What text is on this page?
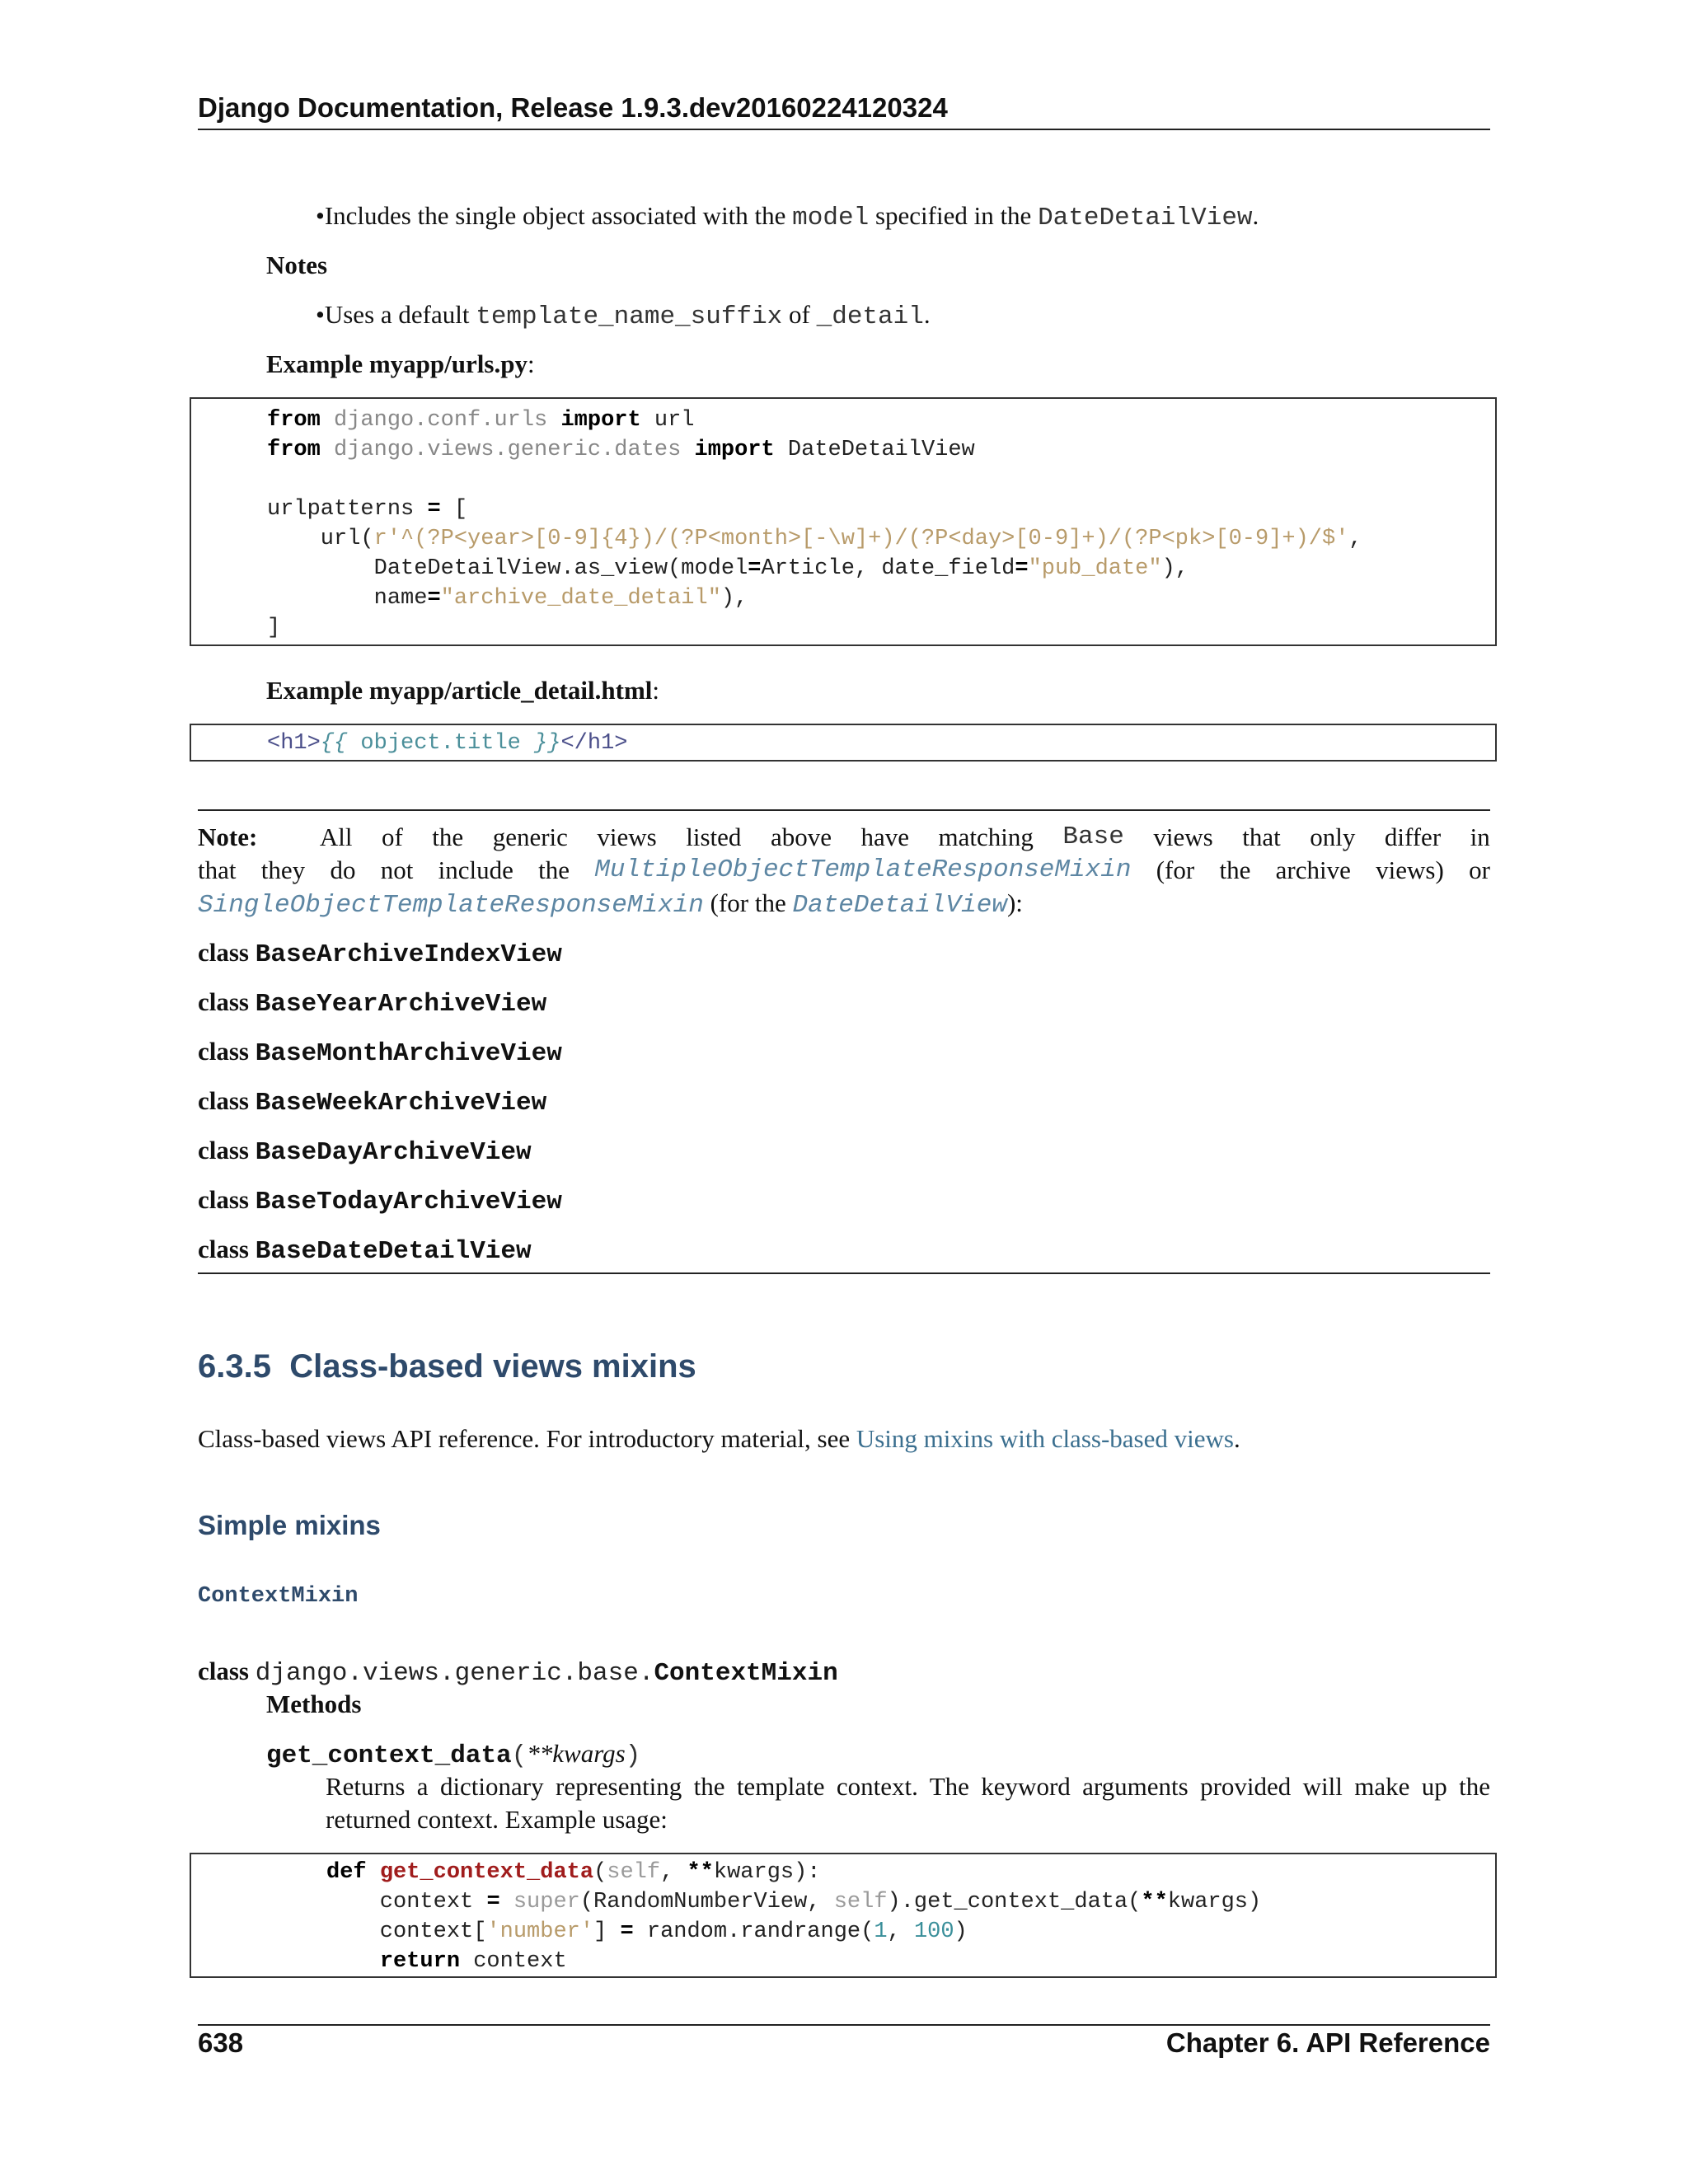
Django Documentation, Release 1.9.3.dev20160224120324
•Includes the single object associated with the model specified in the DateDetailView.
Notes
•Uses a default template_name_suffix of _detail.
Example myapp/urls.py:
from django.conf.urls import url
from django.views.generic.dates import DateDetailView
urlpatterns = [
url(r'^(?P<year>[0-9]{4})/(?P<month>[-\w]+)/(?P<day>[0-9]+)/(?P<pk>[0-9]+)/$',
DateDetailView.as_view(model=Article, date_field="pub_date"),
name="archive_date_detail"),
]
Example myapp/article_detail.html:
<h1>{{ object.title }}</h1>
Note: All of the generic views listed above have matching Base views that only differ in
that they do not include the MultipleObjectTemplateResponseMixin (for the archive views) or
SingleObjectTemplateResponseMixin (for the DateDetailView):
class BaseArchiveIndexView
class BaseYearArchiveView
class BaseMonthArchiveView
class BaseWeekArchiveView
class BaseDayArchiveView
class BaseTodayArchiveView
class BaseDateDetailView
6.3.5 Class-based views mixins
Class-based views API reference. For introductory material, see Using mixins with class-based views.
Simple mixins
ContextMixin
class django.views.generic.base.ContextMixin
Methods
get_context_data(**kwargs)
Returns a dictionary representing the template context. The keyword arguments provided will make up the
returned context. Example usage:
def get_context_data(self, **kwargs):
context = super(RandomNumberView, self).get_context_data(**kwargs)
context['number'] = random.randrange(1, 100)
return context
638	Chapter 6. API Reference
